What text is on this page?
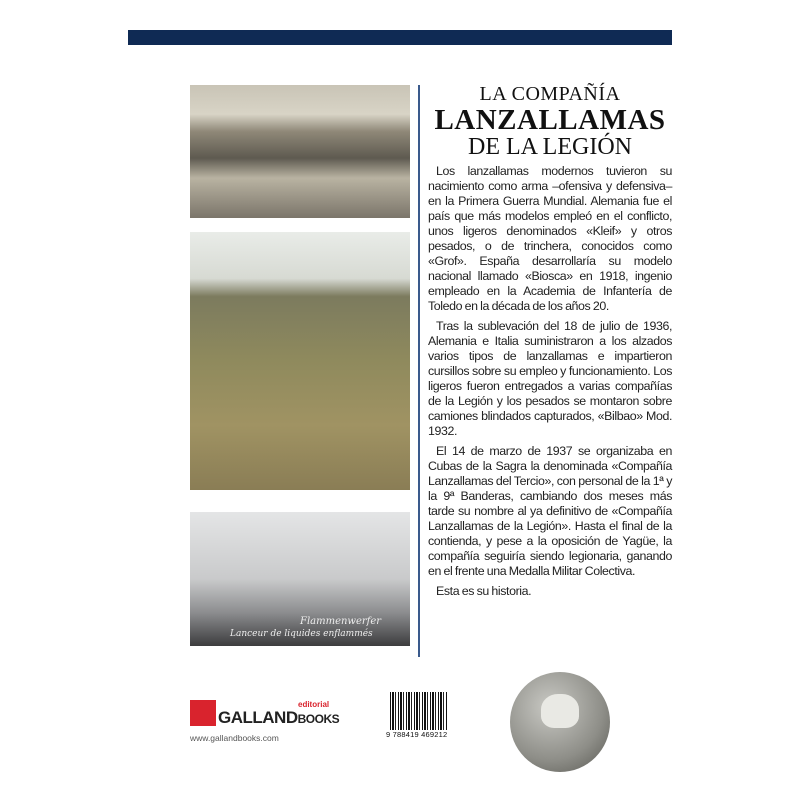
Flammenwerfer
Lanceur de liquides enflammés
LA COMPAÑÍA
LANZALLAMAS
DE LA LEGIÓN

Los lanzallamas modernos tuvieron su nacimiento como arma –ofensiva y defensiva– en la Primera Guerra Mundial. Alemania fue el país que más modelos empleó en el conflicto, unos ligeros denominados «Kleif» y otros pesados, o de trinchera, conocidos como «Grof». España desarrollaría su modelo nacional llamado «Biosca» en 1918, ingenio empleado en la Academia de Infantería de Toledo en la década de los años 20.

Tras la sublevación del 18 de julio de 1936, Alemania e Italia suministraron a los alzados varios tipos de lanzallamas e impartieron cursillos sobre su empleo y funcionamiento. Los ligeros fueron entregados a varias compañías de la Legión y los pesados se montaron sobre camiones blindados capturados, «Bilbao» Mod. 1932.

El 14 de marzo de 1937 se organizaba en Cubas de la Sagra la denominada «Compañía Lanzallamas del Tercio», con personal de la 1ª y la 9ª Banderas, cambiando dos meses más tarde su nombre al ya definitivo de «Compañía Lanzallamas de la Legión». Hasta el final de la contienda, y pese a la oposición de Yagüe, la compañía seguiría siendo legionaria, ganando en el frente una Medalla Militar Colectiva.

Esta es su historia.

editorial
GALLANDBOOKS
www.gallandbooks.com	9 788419 469212
